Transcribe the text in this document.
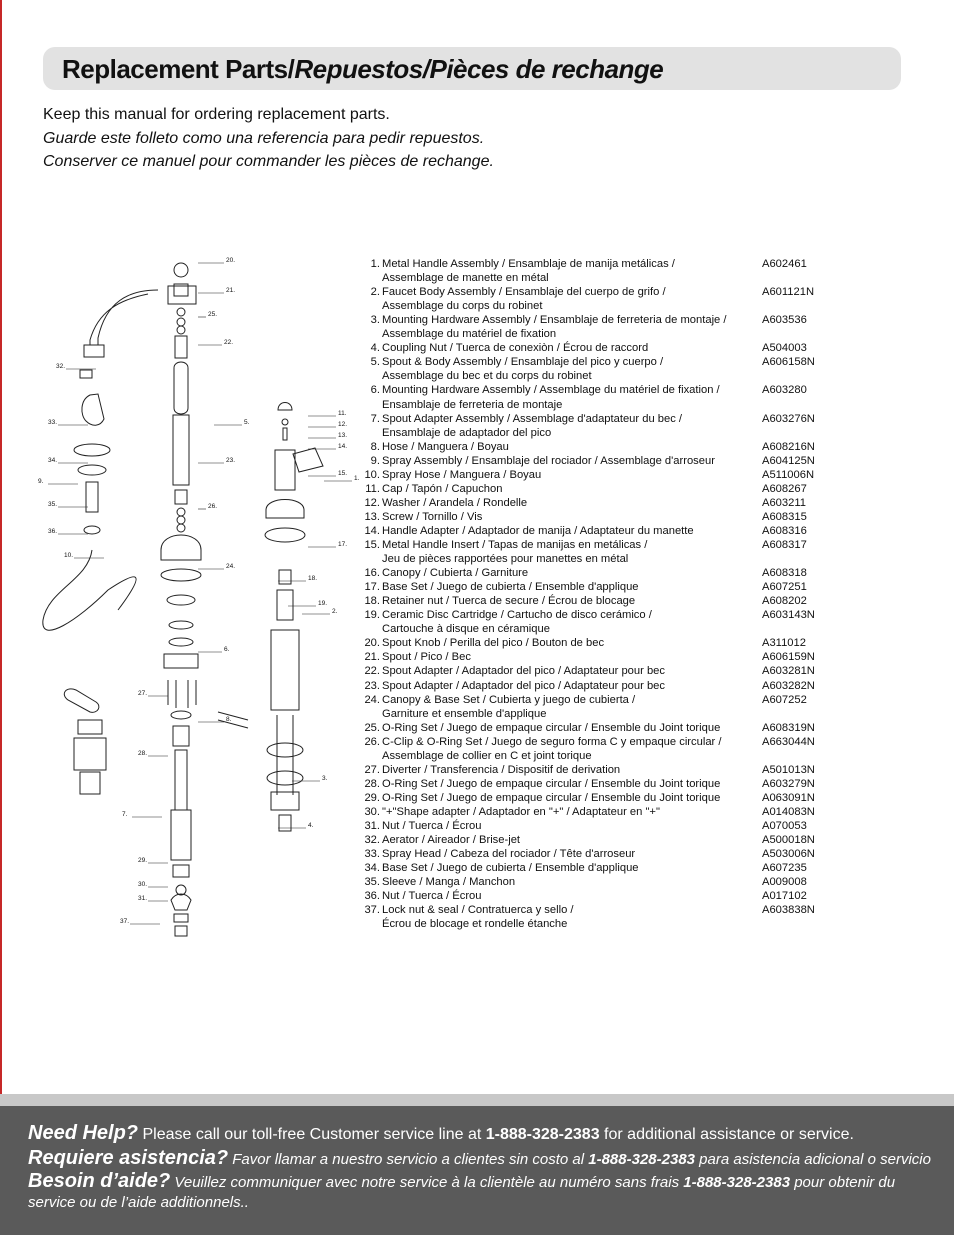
Replacement Parts/Repuestos/Pièces de rechange
Keep this manual for ordering replacement parts.
Guarde este folleto como una referencia para pedir repuestos.
Conserver ce manuel pour commander les pièces de rechange.
20.
21.
25.
22.
32.
33.
34.
9.
35.
36.
10.
5.
11.
12.
13.
14.
15.
1.
23.
26.
17.
24.
18.
19.
2.
6.
27.
8.
28.
3.
7.
29.
30.
31.
4.
37.
1. Metal Handle Assembly / Ensamblaje de manija metálicas /	A602461
Assemblage de manette en métal
2. Faucet Body Assembly / Ensamblaje del cuerpo de grifo /	A601121N
Assemblage du corps du robinet
3. Mounting Hardware Assembly / Ensamblaje de ferreteria de montaje /	A603536
Assemblage du matériel de fixation
4. Coupling Nut / Tuerca de conexiòn / Écrou de raccord	A504003
5. Spout & Body Assembly / Ensamblaje del pico y cuerpo /	A606158N
Assemblage du bec et du corps du robinet
6. Mounting Hardware Assembly / Assemblage du matériel de fixation /	A603280
Ensamblaje de ferreteria de montaje
7. Spout Adapter Assembly / Assemblage d'adaptateur du bec /	A603276N
Ensamblaje de adaptador del pico
8. Hose / Manguera / Boyau	A608216N
9. Spray Assembly / Ensamblaje del rociador / Assemblage d'arroseur	A604125N
10. Spray Hose / Manguera / Boyau	A511006N
11. Cap / Tapón / Capuchon	A608267
12. Washer / Arandela / Rondelle	A603211
13. Screw / Tornillo / Vis	A608315
14. Handle Adapter / Adaptador de manija / Adaptateur du manette	A608316
15. Metal Handle Insert / Tapas de manijas en metálicas /	A608317
Jeu de pièces rapportées pour manettes en métal
16. Canopy / Cubierta / Garniture	A608318
17. Base Set / Juego de cubierta / Ensemble d'applique	A607251
18. Retainer nut / Tuerca de secure / Écrou de blocage	A608202
19. Ceramic Disc Cartridge / Cartucho de disco cerámico /	A603143N
Cartouche à disque en céramique
20. Spout Knob / Perilla del pico / Bouton de bec	A311012
21. Spout / Pico / Bec	A606159N
22. Spout Adapter / Adaptador del pico / Adaptateur pour bec	A603281N
23. Spout Adapter / Adaptador del pico / Adaptateur pour bec	A603282N
24. Canopy & Base Set / Cubierta y juego de cubierta /	A607252
Garniture et ensemble d'applique
25. O-Ring Set / Juego de empaque circular / Ensemble du Joint torique	A608319N
26. C-Clip & O-Ring Set / Juego de seguro forma C y empaque circular /	A663044N
Assemblage de collier en C et joint torique
27. Diverter / Transferencia / Dispositif de derivation	A501013N
28. O-Ring Set / Juego de empaque circular / Ensemble du Joint torique	A603279N
29. O-Ring Set / Juego de empaque circular / Ensemble du Joint torique	A063091N
30. "+"Shape adapter / Adaptador en "+" / Adaptateur en "+"	A014083N
31. Nut / Tuerca / Écrou	A070053
32. Aerator / Aireador / Brise-jet	A500018N
33. Spray Head / Cabeza del rociador / Tête d'arroseur	A503006N
34. Base Set / Juego de cubierta / Ensemble d'applique	A607235
35. Sleeve / Manga / Manchon	A009008
36. Nut / Tuerca / Écrou	A017102
37. Lock nut & seal / Contratuerca y sello /	A603838N
Écrou de blocage et rondelle étanche
Need Help? Please call our toll-free Customer service line at 1-888-328-2383 for additional assistance or service.
Requiere asistencia? Favor llamar a nuestro servicio a clientes sin costo al 1-888-328-2383 para asistencia adicional o servicio
Besoin d’aide? Veuillez communiquer avec notre service à la clientèle au numéro sans frais 1-888-328-2383 pour obtenir du
service ou de l’aide additionnels..
